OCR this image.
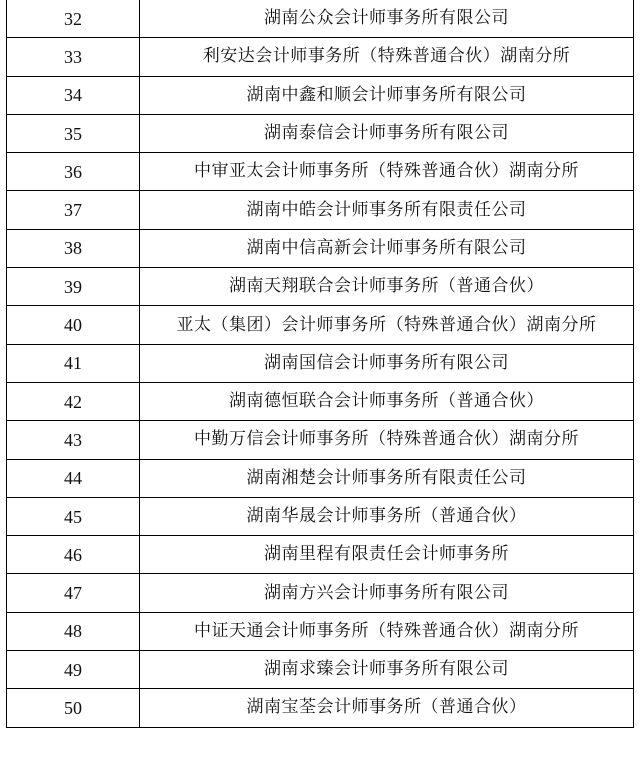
32	湖南公众会计师事务所有限公司
33	利安达会计师事务所（特殊普通合伙）湖南分所
34	湖南中鑫和顺会计师事务所有限公司
35	湖南泰信会计师事务所有限公司
36	中审亚太会计师事务所（特殊普通合伙）湖南分所
37	湖南中皓会计师事务所有限责任公司
38	湖南中信高新会计师事务所有限公司
39	湖南天翔联合会计师事务所（普通合伙）
40	亚太（集团）会计师事务所（特殊普通合伙）湖南分所
41	湖南国信会计师事务所有限公司
42	湖南德恒联合会计师事务所（普通合伙）
43	中勤万信会计师事务所（特殊普通合伙）湖南分所
44	湖南湘楚会计师事务所有限责任公司
45	湖南华晟会计师事务所（普通合伙）
46	湖南里程有限责任会计师事务所
47	湖南方兴会计师事务所有限公司
48	中证天通会计师事务所（特殊普通合伙）湖南分所
49	湖南求臻会计师事务所有限公司
50	湖南宝荃会计师事务所（普通合伙）
